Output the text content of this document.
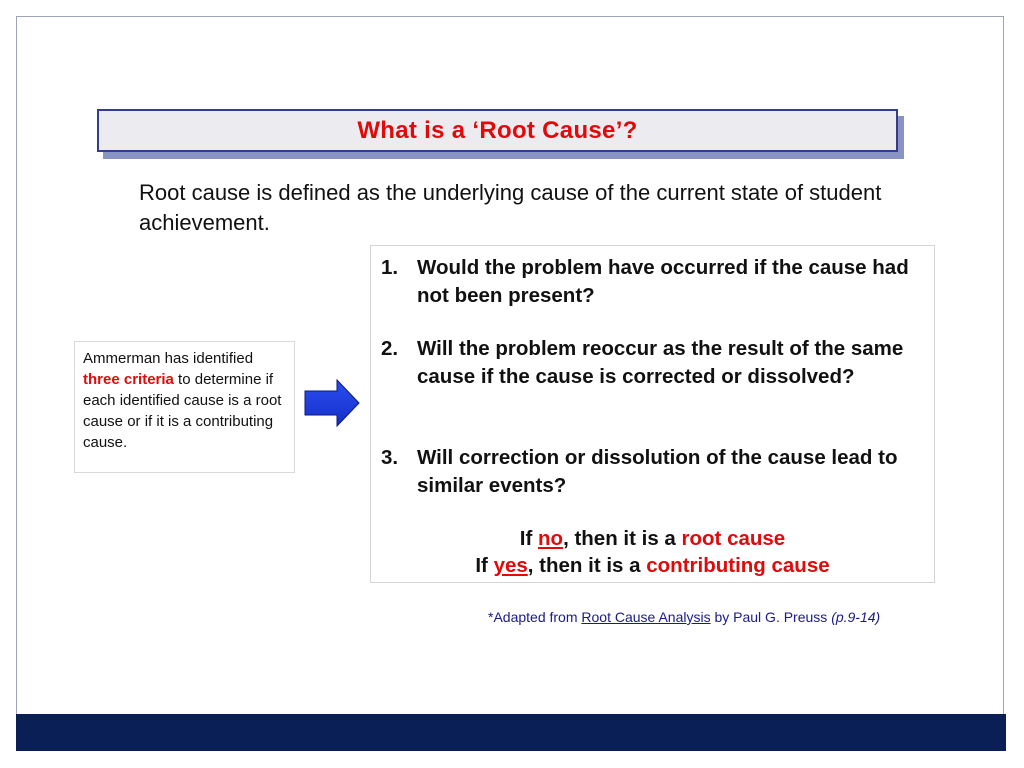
What is a ‘Root Cause’?
Root cause is defined as the underlying cause of the current state of student achievement.
Ammerman has identified three criteria to determine if each identified cause is a root cause or if it is a contributing cause.
1. Would the problem have occurred if the cause had not been present?
2. Will the problem reoccur as the result of the same cause if the cause is corrected or dissolved?
3. Will correction or dissolution of the cause lead to similar events?
If no, then it is a root cause
If yes, then it is a contributing cause
*Adapted from Root Cause Analysis by Paul G. Preuss (p.9-14)
